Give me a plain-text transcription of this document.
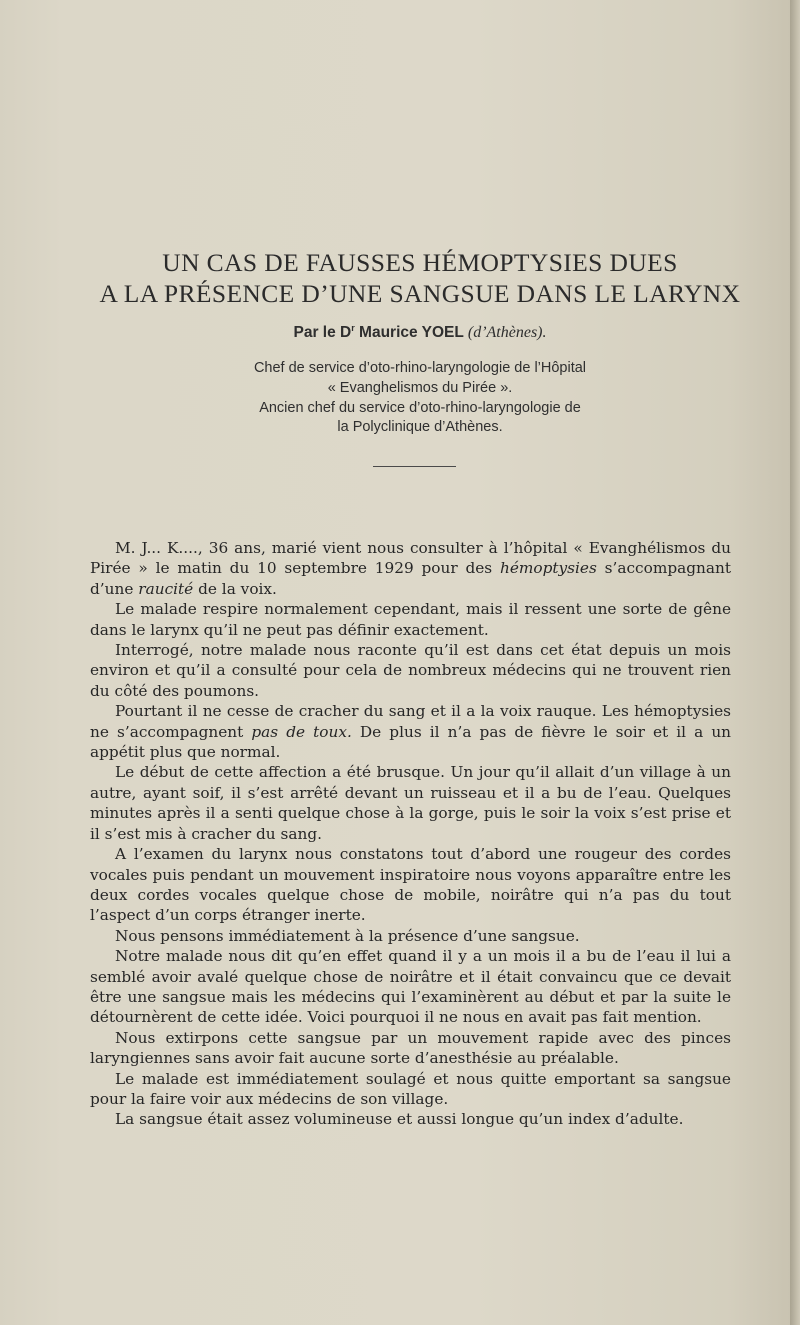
UN CAS DE FAUSSES HÉMOPTYSIES DUES
A LA PRÉSENCE D’UNE SANGSUE DANS LE LARYNX
Par le $D^r$ Maurice YOEL (d’Athènes).
Chef de service d’oto-rhino-laryngologie de l’Hôpital
« Evanghelismos du Pirée ».
Ancien chef du service d’oto-rhino-laryngologie de
la Polyclinique d’Athènes.

M. J... K...., 36 ans, marié vient nous consulter à l’hôpital « Evanghélismos du Pirée » le matin du 10 septembre 1929 pour des hémoptysies s’accompagnant d’une raucité de la voix.

Le malade respire normalement cependant, mais il ressent une sorte de gêne dans le larynx qu’il ne peut pas définir exactement.

Interrogé, notre malade nous raconte qu’il est dans cet état depuis un mois environ et qu’il a consulté pour cela de nombreux médecins qui ne trouvent rien du côté des poumons.

Pourtant il ne cesse de cracher du sang et il a la voix rauque. Les hémoptysies ne s’accompagnent pas de toux. De plus il n’a pas de fièvre le soir et il a un appétit plus que normal.

Le début de cette affection a été brusque. Un jour qu’il allait d’un village à un autre, ayant soif, il s’est arrêté devant un ruisseau et il a bu de l’eau. Quelques minutes après il a senti quelque chose à la gorge, puis le soir la voix s’est prise et il s’est mis à cracher du sang.

A l’examen du larynx nous constatons tout d’abord une rougeur des cordes vocales puis pendant un mouvement inspiratoire nous voyons apparaître entre les deux cordes vocales quelque chose de mobile, noirâtre qui n’a pas du tout l’aspect d’un corps étranger inerte.

Nous pensons immédiatement à la présence d’une sangsue.

Notre malade nous dit qu’en effet quand il y a un mois il a bu de l’eau il lui a semblé avoir avalé quelque chose de noirâtre et il était convaincu que ce devait être une sangsue mais les médecins qui l’examinèrent au début et par la suite le détournèrent de cette idée. Voici pourquoi il ne nous en avait pas fait mention.

Nous extirpons cette sangsue par un mouvement rapide avec des pinces laryngiennes sans avoir fait aucune sorte d’anesthésie au préalable.

Le malade est immédiatement soulagé et nous quitte emportant sa sangsue pour la faire voir aux médecins de son village.

La sangsue était assez volumineuse et aussi longue qu’un index d’adulte.
